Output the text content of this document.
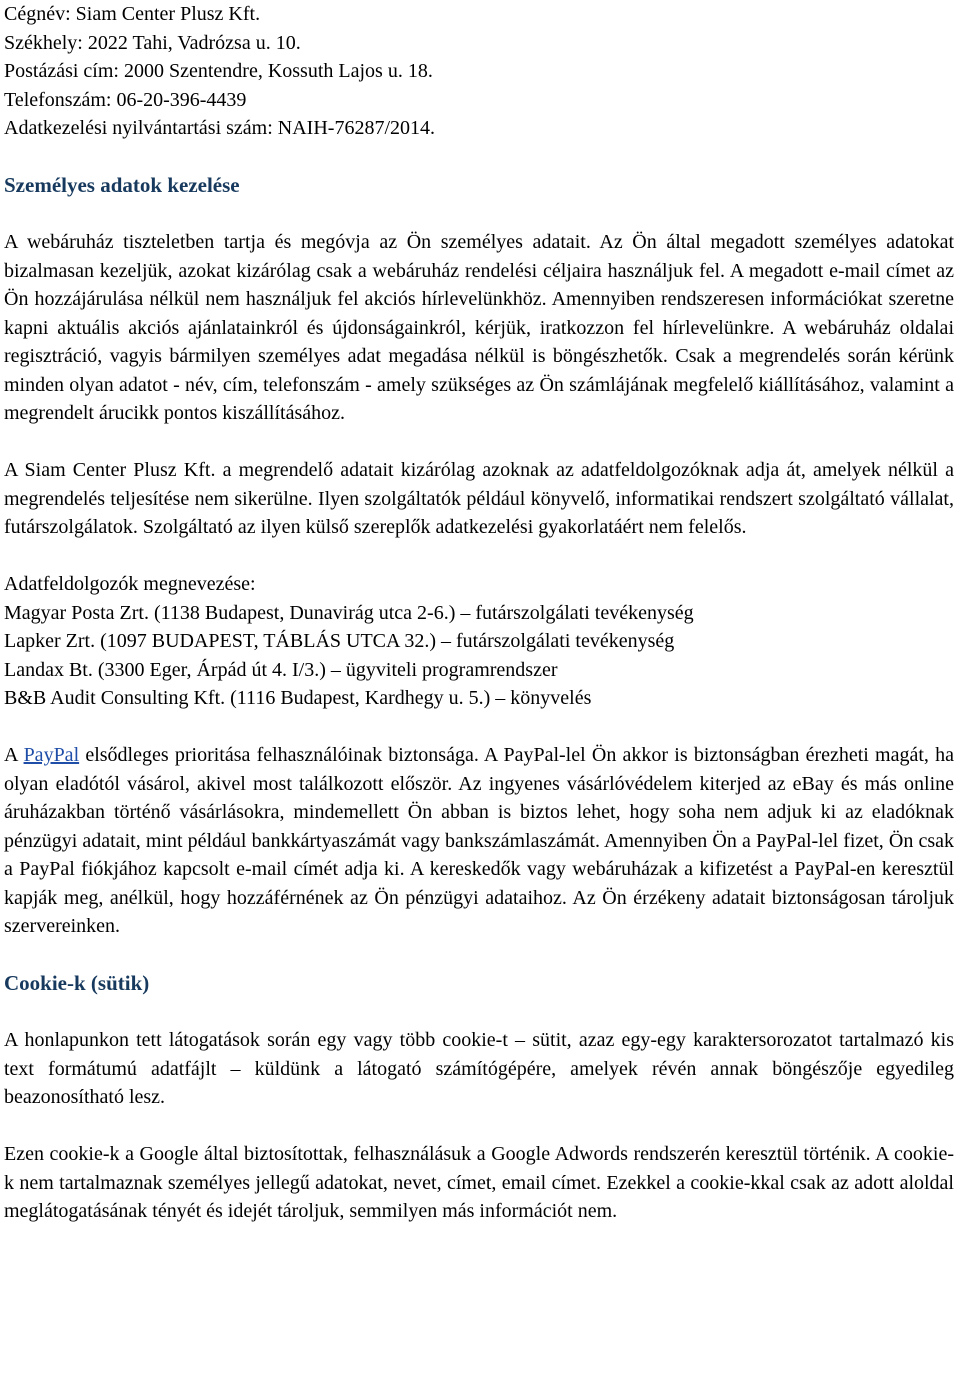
Cégnév: Siam Center Plusz Kft.
Székhely: 2022 Tahi, Vadrózsa u. 10.
Postázási cím: 2000 Szentendre, Kossuth Lajos u. 18.
Telefonszám: 06-20-396-4439
Adatkezelési nyilvántartási szám: NAIH-76287/2014.
Személyes adatok kezelése

A webáruház tiszteletben tartja és megóvja az Ön személyes adatait. Az Ön által megadott személyes adatokat bizalmasan kezeljük, azokat kizárólag csak a webáruház rendelési céljaira használjuk fel. A megadott e-mail címet az Ön hozzájárulása nélkül nem használjuk fel akciós hírlevelünkhöz. Amennyiben rendszeresen információkat szeretne kapni aktuális akciós ajánlatainkról és újdonságainkról, kérjük, iratkozzon fel hírlevelünkre. A webáruház oldalai regisztráció, vagyis bármilyen személyes adat megadása nélkül is böngészhetők. Csak a megrendelés során kérünk minden olyan adatot - név, cím, telefonszám - amely szükséges az Ön számlájának megfelelő kiállításához, valamint a megrendelt árucikk pontos kiszállításához.

A Siam Center Plusz Kft. a megrendelő adatait kizárólag azoknak az adatfeldolgozóknak adja át, amelyek nélkül a megrendelés teljesítése nem sikerülne. Ilyen szolgáltatók például könyvelő, informatikai rendszert szolgáltató vállalat, futárszolgálatok. Szolgáltató az ilyen külső szereplők adatkezelési gyakorlatáért nem felelős.

Adatfeldolgozók megnevezése:
Magyar Posta Zrt. (1138 Budapest, Dunavirág utca 2-6.) – futárszolgálati tevékenység
Lapker Zrt. (1097 BUDAPEST, TÁBLÁS UTCA 32.) – futárszolgálati tevékenység
Landax Bt. (3300 Eger, Árpád út 4. I/3.) – ügyviteli programrendszer
B&B Audit Consulting Kft. (1116 Budapest, Kardhegy u. 5.) – könyvelés

A PayPal elsődleges prioritása felhasználóinak biztonsága. A PayPal-lel Ön akkor is biztonságban érezheti magát, ha olyan eladótól vásárol, akivel most találkozott először. Az ingyenes vásárlóvédelem kiterjed az eBay és más online áruházakban történő vásárlásokra, mindemellett Ön abban is biztos lehet, hogy soha nem adjuk ki az eladóknak pénzügyi adatait, mint például bankkártyaszámát vagy bankszámlaszámát. Amennyiben Ön a PayPal-lel fizet, Ön csak a PayPal fiókjához kapcsolt e-mail címét adja ki. A kereskedők vagy webáruházak a kifizetést a PayPal-en keresztül kapják meg, anélkül, hogy hozzáférnének az Ön pénzügyi adataihoz. Az Ön érzékeny adatait biztonságosan tároljuk szervereinken.

Cookie-k (sütik)

A honlapunkon tett látogatások során egy vagy több cookie-t – sütit, azaz egy-egy karaktersorozatot tartalmazó kis text formátumú adatfájlt – küldünk a látogató számítógépére, amelyek révén annak böngészője egyedileg beazonosítható lesz.

Ezen cookie-k a Google által biztosítottak, felhasználásuk a Google Adwords rendszerén keresztül történik. A cookie-k nem tartalmaznak személyes jellegű adatokat, nevet, címet, email címet. Ezekkel a cookie-kkal csak az adott aloldal meglátogatásának tényét és idejét tároljuk, semmilyen más információt nem.
